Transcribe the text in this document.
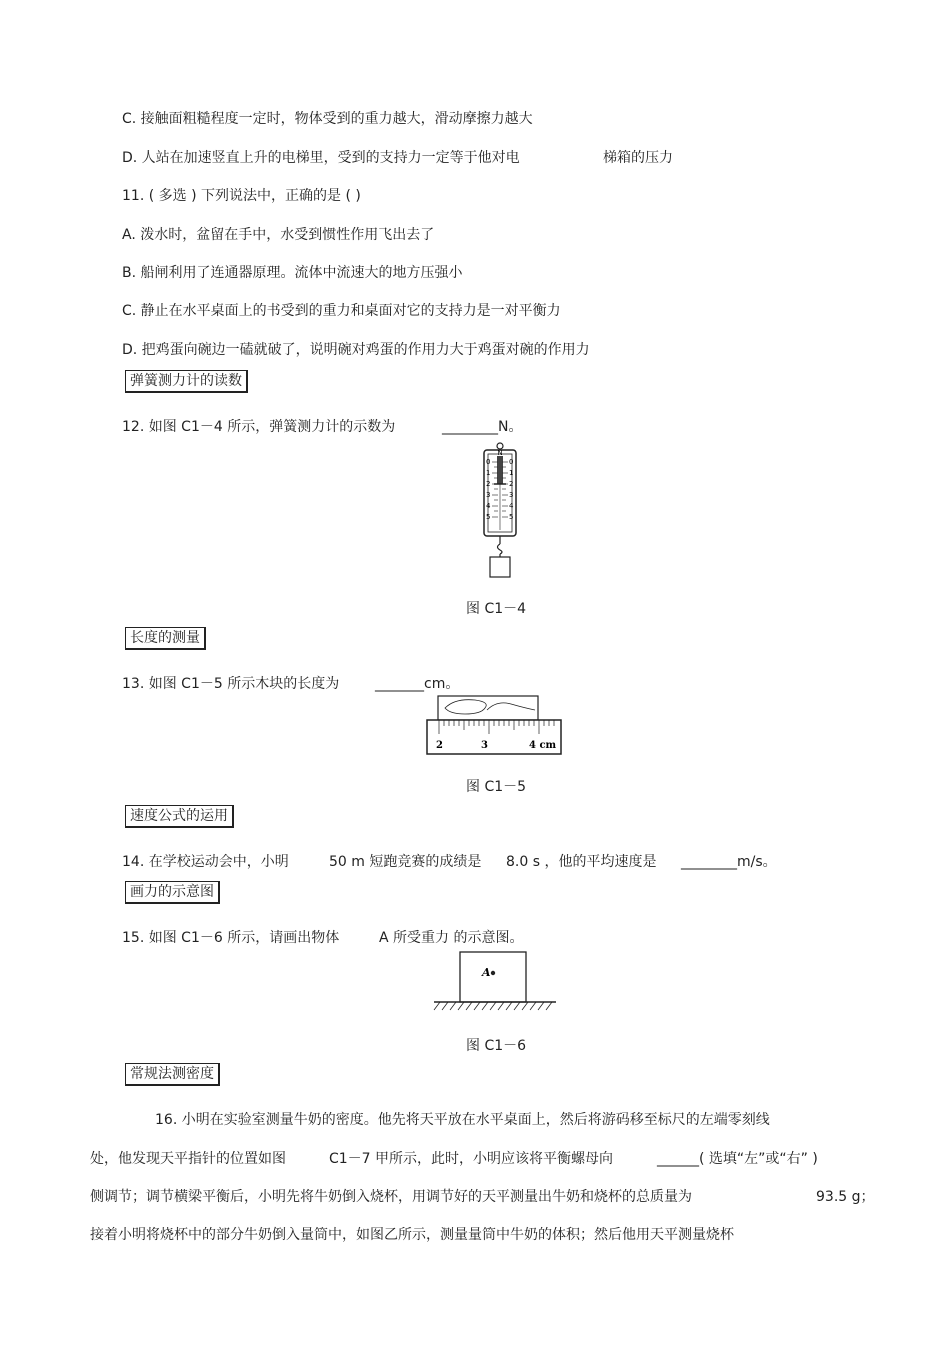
C. 接触面粗糙程度一定时，物体受到的重力越大，滑动摩擦力越大
D. 人站在加速竖直上升的电梯里，受到的支持力一定等于他对电	梯箱的压力
11. ( 多选 ) 下列说法中，正确的是 ( )
A. 泼水时，盆留在手中，水受到惯性作用飞出去了
B. 船闸利用了连通器原理。流体中流速大的地方压强小
C. 静止在水平桌面上的书受到的重力和桌面对它的支持力是一对平衡力
D. 把鸡蛋向碗边一磕就破了，说明碗对鸡蛋的作用力大于鸡蛋对碗的作用力
弹簧测力计的读数
12. 如图 C1－4 所示，弹簧测力计的示数为	________N。
N
0
1
2
3
4
5
0
1
2
3
4
5
图 C1－4
长度的测量
13. 如图 C1－5 所示木块的长度为	_______cm。
2	3	4 cm
图 C1－5
速度公式的运用
14. 在学校运动会中，小明	50 m 短跑竞赛的成绩是 8.0 s ，他的平均速度是 ________m/s。
画力的示意图
15. 如图 C1－6 所示，请画出物体	A 所受重力 的示意图。
A
图 C1－6
常规法测密度
16. 小明在实验室测量牛奶的密度。他先将天平放在水平桌面上，然后将游码移至标尺的左端零刻线
处，他发现天平指针的位置如图	C1－7 甲所示，此时，小明应该将平衡螺母向	______( 选填“左”或“右” )
侧调节；调节横梁平衡后，小明先将牛奶倒入烧杯，用调节好的天平测量出牛奶和烧杯的总质量为	93.5 g；
接着小明将烧杯中的部分牛奶倒入量筒中，如图乙所示，测量量筒中牛奶的体积；然后他用天平测量烧杯
